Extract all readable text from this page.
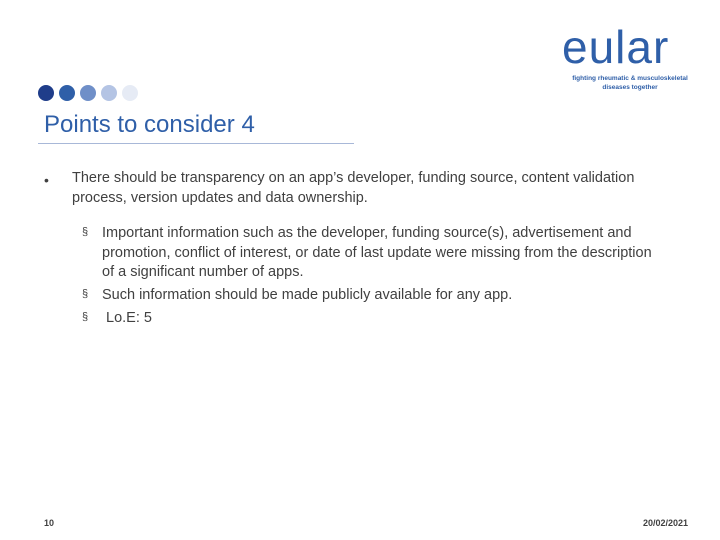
eular
fighting rheumatic & musculoskeletal
diseases together
Points to consider 4
• There should be transparency on an app’s developer, funding source, content validation process, version updates and data ownership.
§ Important information such as the developer, funding source(s), advertisement and promotion, conflict of interest, or date of last update were missing from the description of a significant number of apps.
§ Such information should be made publicly available for any app.
§ Lo.E: 5
10	20/02/2021
